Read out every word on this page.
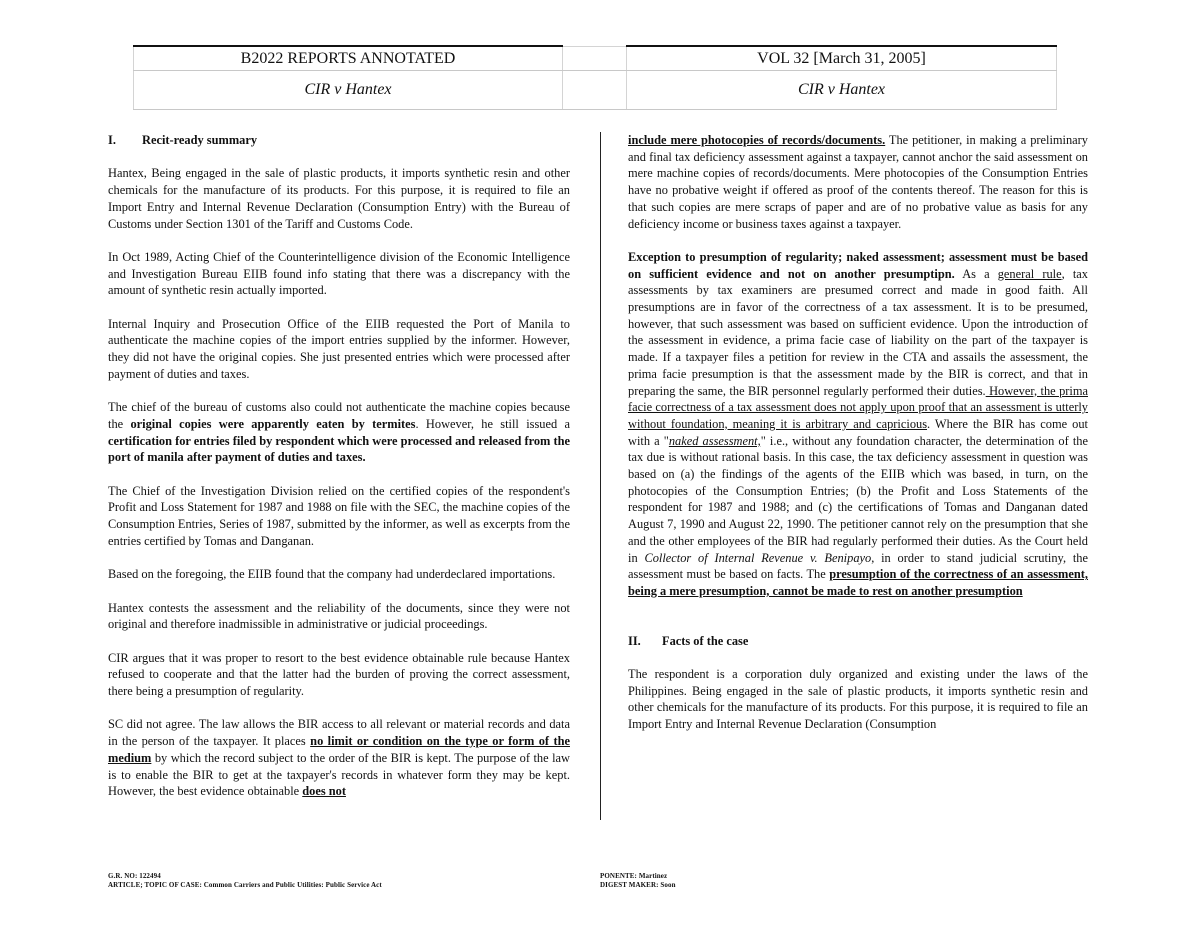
B2022 REPORTS ANNOTATED		VOL 32 [March 31, 2005]
CIR v Hantex		CIR v Hantex
I. Recit-ready summary

Hantex, Being engaged in the sale of plastic products, it imports synthetic resin and other chemicals for the manufacture of its products. For this purpose, it is required to file an Import Entry and Internal Revenue Declaration (Consumption Entry) with the Bureau of Customs under Section 1301 of the Tariff and Customs Code.

In Oct 1989, Acting Chief of the Counterintelligence division of the Economic Intelligence and Investigation Bureau EIIB found info stating that there was a discrepancy with the amount of synthetic resin actually imported.

Internal Inquiry and Prosecution Office of the EIIB requested the Port of Manila to authenticate the machine copies of the import entries supplied by the informer. However, they did not have the original copies. She just presented entries which were processed after payment of duties and taxes.

The chief of the bureau of customs also could not authenticate the machine copies because the original copies were apparently eaten by termites. However, he still issued a certification for entries filed by respondent which were processed and released from the port of manila after payment of duties and taxes.

The Chief of the Investigation Division relied on the certified copies of the respondent's Profit and Loss Statement for 1987 and 1988 on file with the SEC, the machine copies of the Consumption Entries, Series of 1987, submitted by the informer, as well as excerpts from the entries certified by Tomas and Danganan.

Based on the foregoing, the EIIB found that the company had underdeclared importations.

Hantex contests the assessment and the reliability of the documents, since they were not original and therefore inadmissible in administrative or judicial proceedings.

CIR argues that it was proper to resort to the best evidence obtainable rule because Hantex refused to cooperate and that the latter had the burden of proving the correct assessment, there being a presumption of regularity.

SC did not agree. The law allows the BIR access to all relevant or material records and data in the person of the taxpayer. It places no limit or condition on the type or form of the medium by which the record subject to the order of the BIR is kept. The purpose of the law is to enable the BIR to get at the taxpayer's records in whatever form they may be kept. However, the best evidence obtainable does not

include mere photocopies of records/documents. The petitioner, in making a preliminary and final tax deficiency assessment against a taxpayer, cannot anchor the said assessment on mere machine copies of records/documents. Mere photocopies of the Consumption Entries have no probative weight if offered as proof of the contents thereof. The reason for this is that such copies are mere scraps of paper and are of no probative value as basis for any deficiency income or business taxes against a taxpayer.

Exception to presumption of regularity; naked assessment; assessment must be based on sufficient evidence and not on another presumptipn. As a general rule, tax assessments by tax examiners are presumed correct and made in good faith. All presumptions are in favor of the correctness of a tax assessment. It is to be presumed, however, that such assessment was based on sufficient evidence. Upon the introduction of the assessment in evidence, a prima facie case of liability on the part of the taxpayer is made. If a taxpayer files a petition for review in the CTA and assails the assessment, the prima facie presumption is that the assessment made by the BIR is correct, and that in preparing the same, the BIR personnel regularly performed their duties. However, the prima facie correctness of a tax assessment does not apply upon proof that an assessment is utterly without foundation, meaning it is arbitrary and capricious. Where the BIR has come out with a "naked assessment," i.e., without any foundation character, the determination of the tax due is without rational basis. In this case, the tax deficiency assessment in question was based on (a) the findings of the agents of the EIIB which was based, in turn, on the photocopies of the Consumption Entries; (b) the Profit and Loss Statements of the respondent for 1987 and 1988; and (c) the certifications of Tomas and Danganan dated August 7, 1990 and August 22, 1990. The petitioner cannot rely on the presumption that she and the other employees of the BIR had regularly performed their duties. As the Court held in Collector of Internal Revenue v. Benipayo, in order to stand judicial scrutiny, the assessment must be based on facts. The presumption of the correctness of an assessment, being a mere presumption, cannot be made to rest on another presumption

II. Facts of the case

The respondent is a corporation duly organized and existing under the laws of the Philippines. Being engaged in the sale of plastic products, it imports synthetic resin and other chemicals for the manufacture of its products. For this purpose, it is required to file an Import Entry and Internal Revenue Declaration (Consumption

G.R. NO: 122494
ARTICLE; TOPIC OF CASE: Common Carriers and Public Utilities: Public Service Act
PONENTE: Martinez
DIGEST MAKER: Soon
